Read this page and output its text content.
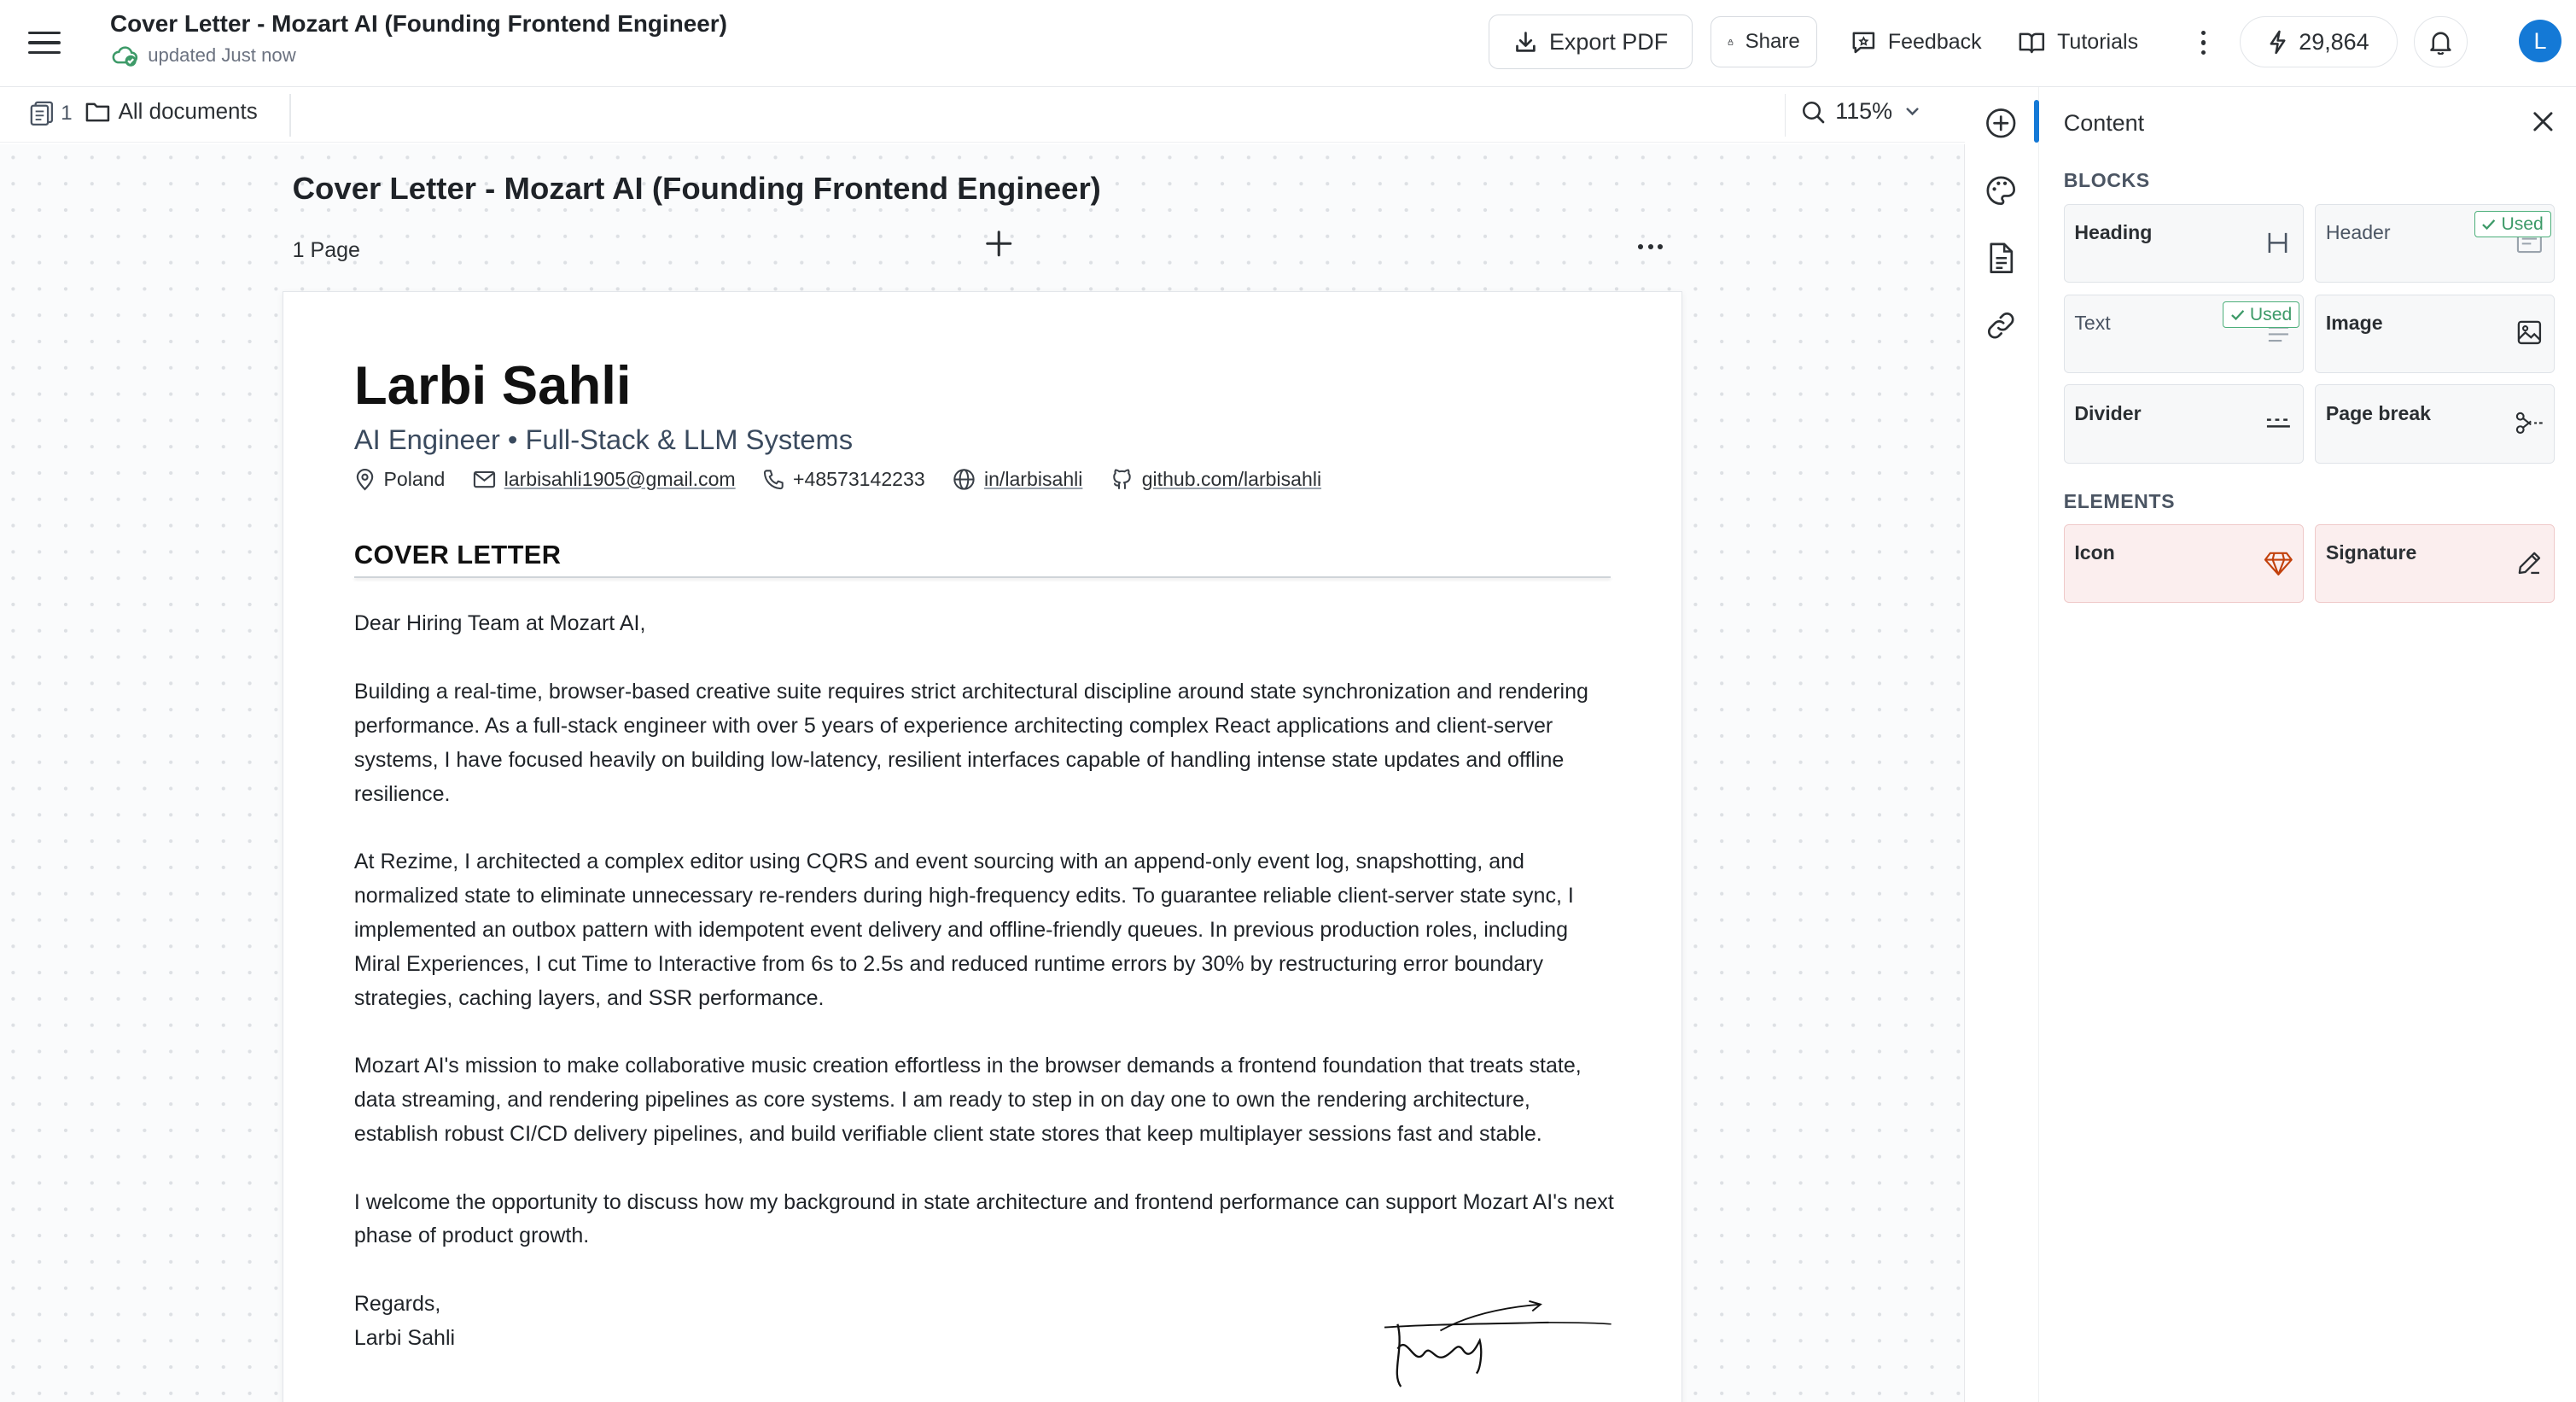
Cover Letter - Mozart AI (Founding Frontend Engineer)
updated Just now
Export PDF	Share	Feedback	Tutorials	29,864	L
1	All documents	115%
Cover Letter - Mozart AI (Founding Frontend Engineer)
1 Page
Larbi Sahli
AI Engineer • Full-Stack & LLM Systems
Poland	larbisahli1905@gmail.com	+48573142233	in/larbisahli	github.com/larbisahli
COVER LETTER

Dear Hiring Team at Mozart AI,

Building a real-time, browser-based creative suite requires strict architectural discipline around state synchronization and rendering performance. As a full-stack engineer with over 5 years of experience architecting complex React applications and client-server systems, I have focused heavily on building low-latency, resilient interfaces capable of handling intense state updates and offline resilience.

At Rezime, I architected a complex editor using CQRS and event sourcing with an append-only event log, snapshotting, and normalized state to eliminate unnecessary re-renders during high-frequency edits. To guarantee reliable client-server state sync, I implemented an outbox pattern with idempotent event delivery and offline-friendly queues. In previous production roles, including Miral Experiences, I cut Time to Interactive from 6s to 2.5s and reduced runtime errors by 30% by restructuring error boundary strategies, caching layers, and SSR performance.

Mozart AI's mission to make collaborative music creation effortless in the browser demands a frontend foundation that treats state, data streaming, and rendering pipelines as core systems. I am ready to step in on day one to own the rendering architecture, establish robust CI/CD delivery pipelines, and build verifiable client state stores that keep multiplayer sessions fast and stable.

I welcome the opportunity to discuss how my background in state architecture and frontend performance can support Mozart AI's next phase of product growth.

Regards,

Larbi Sahli

Content
BLOCKS
Heading	Header	Used
Text	Used	Image
Divider	Page break
ELEMENTS
Icon	Signature
